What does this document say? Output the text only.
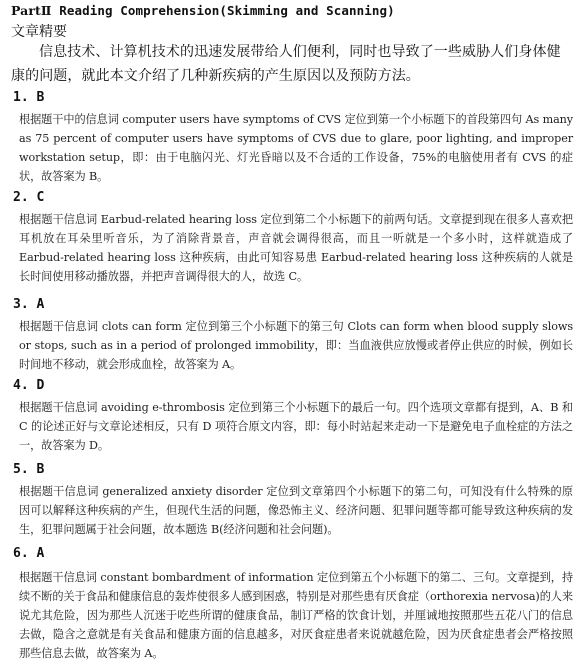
PartⅡ Reading Comprehension(Skimming and Scanning)
文章精要
信息技术、计算机技术的迅速发展带给人们便利，同时也导致了一些威胁人们身体健康的问题，就此本文介绍了几种新疾病的产生原因以及预防方法。
1. B
根据题干中的信息词 computer users have symptoms of CVS 定位到第一个小标题下的首段第四句 As many as 75 percent of computer users have symptoms of CVS due to glare, poor lighting, and improper workstation setup，即：由于电脑闪光、灯光昏暗以及不合适的工作设备，75%的电脑使用者有 CVS 的症状，故答案为 B。
2. C
根据题干信息词 Earbud-related hearing loss 定位到第二个小标题下的前两句话。文章提到现在很多人喜欢把耳机放在耳朵里听音乐，为了消除背景音，声音就会调得很高，而且一听就是一个多小时，这样就造成了 Earbud-related hearing loss 这种疾病，由此可知容易患 Earbud-related hearing loss 这种疾病的人就是长时间使用移动播放器，并把声音调得很大的人，故选 C。
3. A
根据题干信息词 clots can form 定位到第三个小标题下的第三句 Clots can form when blood supply slows or stops, such as in a period of prolonged immobility，即：当血液供应放慢或者停止供应的时候，例如长时间地不移动，就会形成血栓，故答案为 A。
4. D
根据题干信息词 avoiding e-thrombosis 定位到第三个小标题下的最后一句。四个选项文章都有提到，A、B 和 C 的论述正好与文章论述相反，只有 D 项符合原文内容，即：每小时站起来走动一下是避免电子血栓症的方法之一，故答案为 D。
5. B
根据题干信息词 generalized anxiety disorder 定位到文章第四个小标题下的第二句，可知没有什么特殊的原因可以解释这种疾病的产生，但现代生活的问题，像恐怖主义、经济问题、犯罪问题等都可能导致这种疾病的发生，犯罪问题属于社会问题，故本题选 B(经济问题和社会问题)。
6. A
根据题干信息词 constant bombardment of information 定位到第五个小标题下的第二、三句。文章提到，持续不断的关于食品和健康信息的轰炸使很多人感到困惑，特别是对那些患有厌食症（orthorexia nervosa)的人来说尤其危险，因为那些人沉迷于吃些所谓的健康食品，制订严格的饮食计划，并厘诫地按照那些五花八门的信息去做，隐含之意就是有关食品和健康方面的信息越多，对厌食症患者来说就越危险，因为厌食症患者会严格按照那些信息去做，故答案为 A。
